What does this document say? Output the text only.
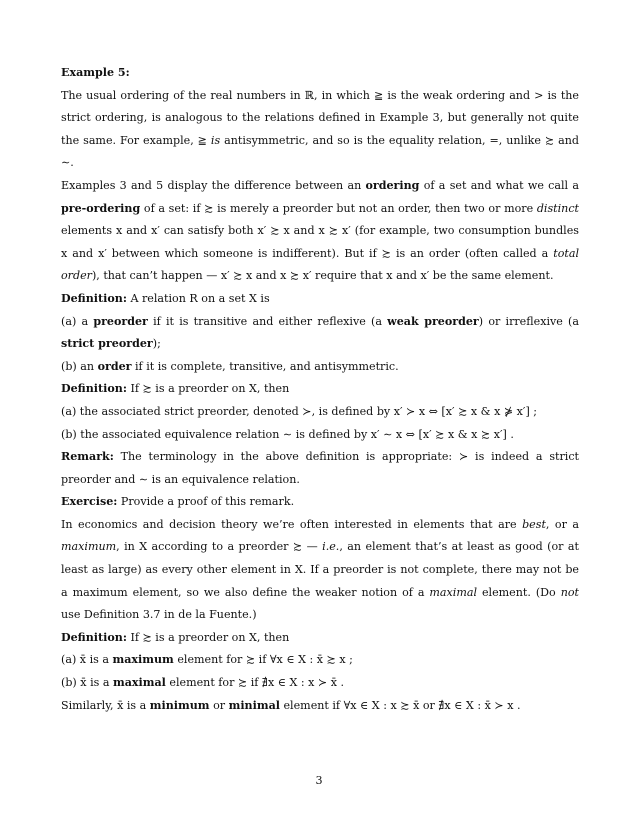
Example 5:

The usual ordering of the real numbers in ℝ, in which ≧ is the weak ordering and > is the strict ordering, is analogous to the relations defined in Example 3, but generally not quite the same. For example, ≧ is antisymmetric, and so is the equality relation, =, unlike ≿ and ∼.

Examples 3 and 5 display the difference between an ordering of a set and what we call a pre-ordering of a set: if ≿ is merely a preorder but not an order, then two or more distinct elements x and x′ can satisfy both x′ ≿ x and x ≿ x′ (for example, two consumption bundles x and x′ between which someone is indifferent). But if ≿ is an order (often called a total order), that can’t happen — x′ ≿ x and x ≿ x′ require that x and x′ be the same element.

Definition: A relation R on a set X is

(a) a preorder if it is transitive and either reflexive (a weak preorder) or irreflexive (a strict preorder);

(b) an order if it is complete, transitive, and antisymmetric.

Definition: If ≿ is a preorder on X, then

(a) the associated strict preorder, denoted ≻, is defined by x′ ≻ x ⇔ [x′ ≿ x & x ⋡ x′] ;

(b) the associated equivalence relation ∼ is defined by x′ ∼ x ⇔ [x′ ≿ x & x ≿ x′] .

Remark: The terminology in the above definition is appropriate: ≻ is indeed a strict preorder and ∼ is an equivalence relation.

Exercise: Provide a proof of this remark.

In economics and decision theory we’re often interested in elements that are best, or a maximum, in X according to a preorder ≿ — i.e., an element that’s at least as good (or at least as large) as every other element in X. If a preorder is not complete, there may not be a maximum element, so we also define the weaker notion of a maximal element. (Do not use Definition 3.7 in de la Fuente.)

Definition: If ≿ is a preorder on X, then

(a) x̄ is a maximum element for ≿ if ∀x ∈ X : x̄ ≿ x ;

(b) x̄ is a maximal element for ≿ if ∄x ∈ X : x ≻ x̄ .

Similarly, x̄ is a minimum or minimal element if ∀x ∈ X : x ≿ x̄ or ∄x ∈ X : x̄ ≻ x .

3
